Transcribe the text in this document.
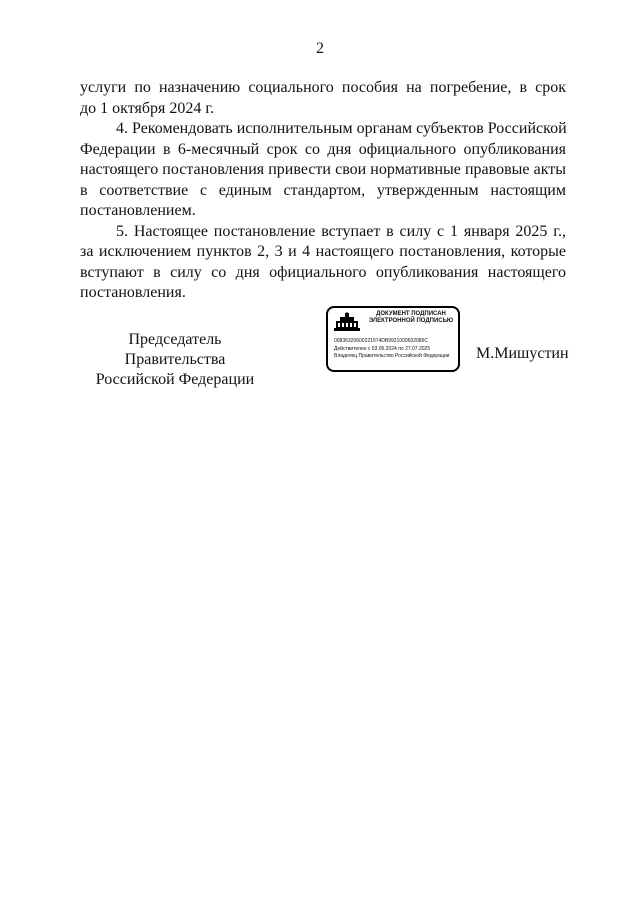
2

услуги по назначению социального пособия на погребение, в срок
до 1 октября 2024 г.

4. Рекомендовать исполнительным органам субъектов Российской
Федерации в 6-месячный срок со дня официального опубликования
настоящего постановления привести свои нормативные правовые акты
в соответствие с единым стандартом, утвержденным настоящим
постановлением.

5. Настоящее постановление вступает в силу с 1 января 2025 г.,
за исключением пунктов 2, 3 и 4 настоящего постановления, которые
вступают в силу со дня официального опубликования настоящего
постановления.

Председатель Правительства
Российской Федерации
ДОКУМЕНТ ПОДПИСАН
ЭЛЕКТРОННОЙ ПОДПИСЬЮ
00836320600221974DB9921000602086C
Действителен с 03.05.2024 по 27.07.2025
Владелец Правительство Российской Федерации М.Мишустин
